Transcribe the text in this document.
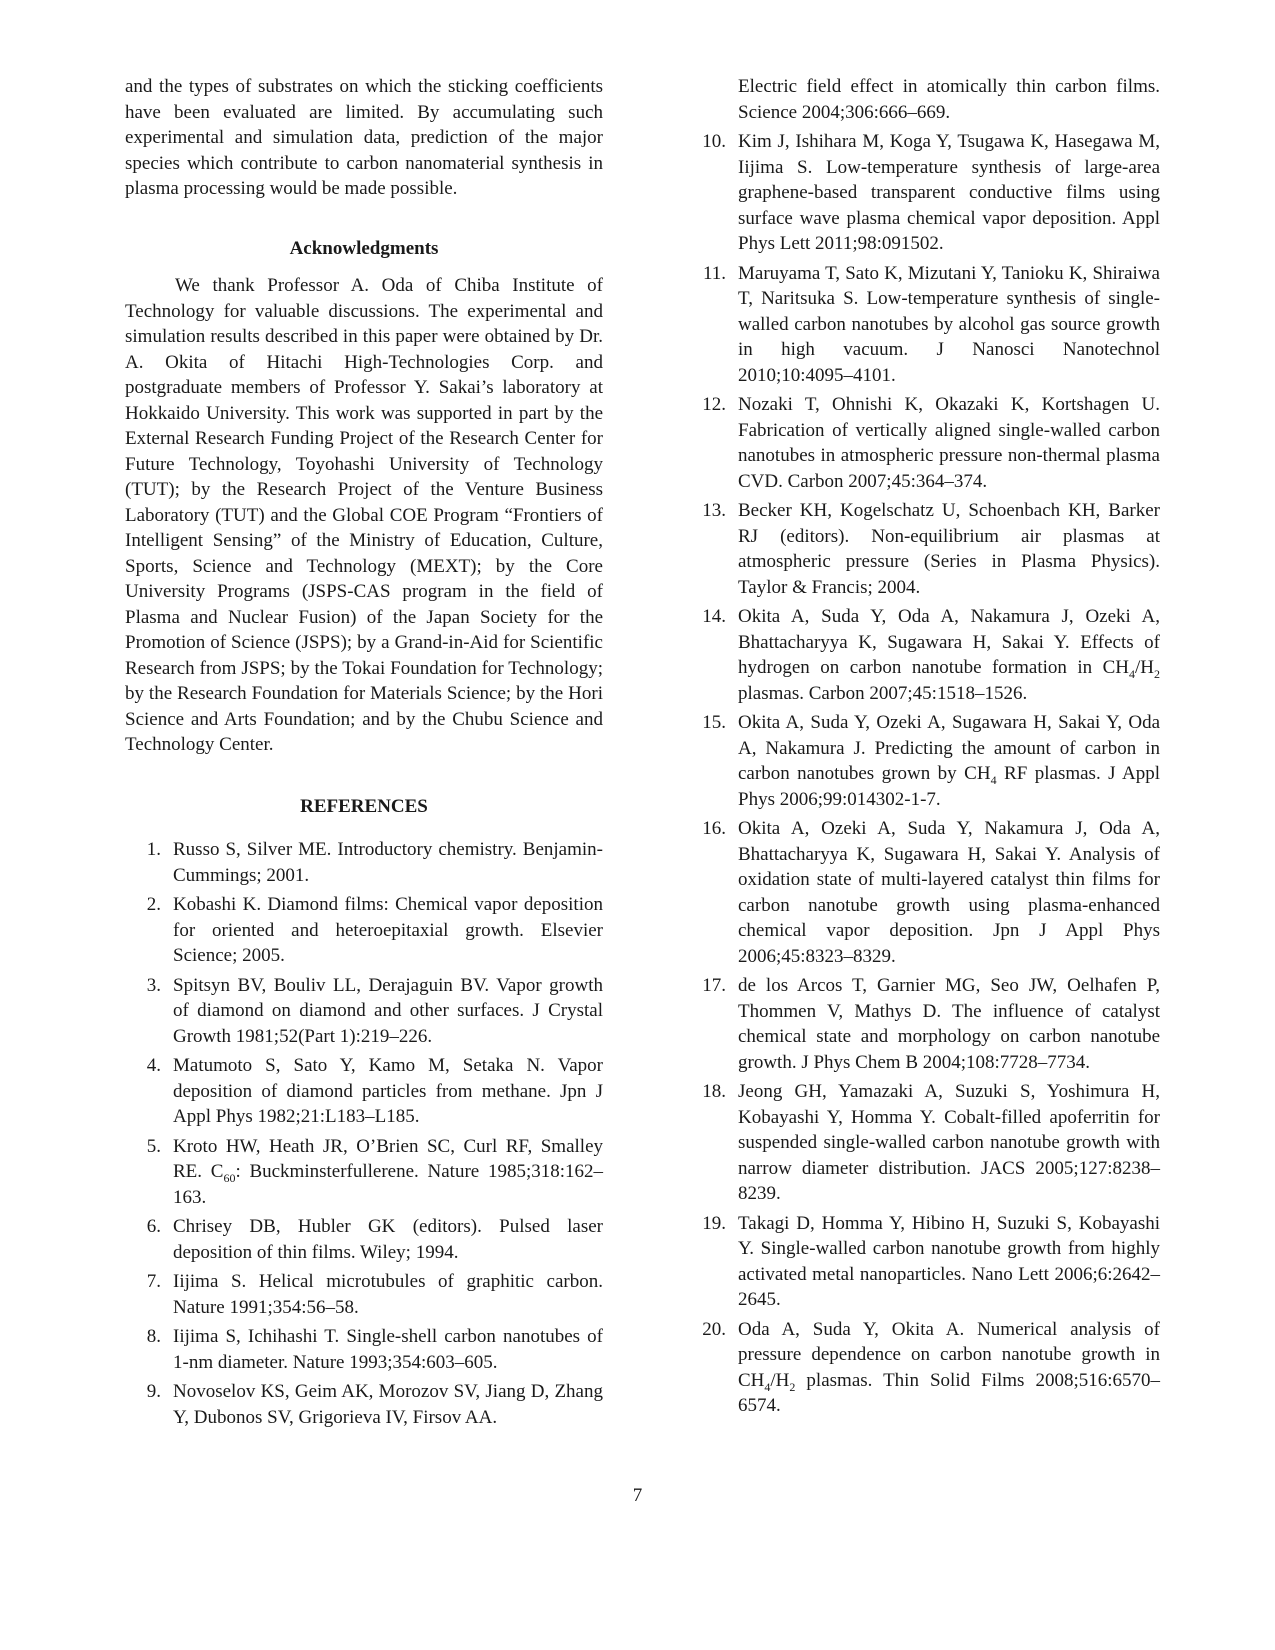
and the types of substrates on which the sticking coefficients have been evaluated are limited. By accumulating such experimental and simulation data, prediction of the major species which contribute to carbon nanomaterial synthesis in plasma processing would be made possible.

Acknowledgments

We thank Professor A. Oda of Chiba Institute of Technology for valuable discussions. The experimental and simulation results described in this paper were obtained by Dr. A. Okita of Hitachi High-Technologies Corp. and postgraduate members of Professor Y. Sakai’s laboratory at Hokkaido University. This work was supported in part by the External Research Funding Project of the Research Center for Future Technology, Toyohashi University of Technology (TUT); by the Research Project of the Venture Business Laboratory (TUT) and the Global COE Program “Frontiers of Intelligent Sensing” of the Ministry of Education, Culture, Sports, Science and Technology (MEXT); by the Core University Programs (JSPS-CAS program in the field of Plasma and Nuclear Fusion) of the Japan Society for the Promotion of Science (JSPS); by a Grand-in-Aid for Scientific Research from JSPS; by the Tokai Foundation for Technology; by the Research Foundation for Materials Science; by the Hori Science and Arts Foundation; and by the Chubu Science and Technology Center.

REFERENCES
1. Russo S, Silver ME. Introductory chemistry. Benjamin-Cummings; 2001.
2. Kobashi K. Diamond films: Chemical vapor deposition for oriented and heteroepitaxial growth. Elsevier Science; 2005.
3. Spitsyn BV, Bouliv LL, Derajaguin BV. Vapor growth of diamond on diamond and other surfaces. J Crystal Growth 1981;52(Part 1):219–226.
4. Matumoto S, Sato Y, Kamo M, Setaka N. Vapor deposition of diamond particles from methane. Jpn J Appl Phys 1982;21:L183–L185.
5. Kroto HW, Heath JR, O’Brien SC, Curl RF, Smalley RE. $C_{60}$: Buckminsterfullerene. Nature 1985;318:162–163.
6. Chrisey DB, Hubler GK (editors). Pulsed laser deposition of thin films. Wiley; 1994.
7. Iijima S. Helical microtubules of graphitic carbon. Nature 1991;354:56–58.
8. Iijima S, Ichihashi T. Single-shell carbon nanotubes of 1-nm diameter. Nature 1993;354:603–605.
9. Novoselov KS, Geim AK, Morozov SV, Jiang D, Zhang Y, Dubonos SV, Grigorieva IV, Firsov AA.
Electric field effect in atomically thin carbon films. Science 2004;306:666–669.
10. Kim J, Ishihara M, Koga Y, Tsugawa K, Hasegawa M, Iijima S. Low-temperature synthesis of large-area graphene-based transparent conductive films using surface wave plasma chemical vapor deposition. Appl Phys Lett 2011;98:091502.
11. Maruyama T, Sato K, Mizutani Y, Tanioku K, Shiraiwa T, Naritsuka S. Low-temperature synthesis of single-walled carbon nanotubes by alcohol gas source growth in high vacuum. J Nanosci Nanotechnol 2010;10:4095–4101.
12. Nozaki T, Ohnishi K, Okazaki K, Kortshagen U. Fabrication of vertically aligned single-walled carbon nanotubes in atmospheric pressure non-thermal plasma CVD. Carbon 2007;45:364–374.
13. Becker KH, Kogelschatz U, Schoenbach KH, Barker RJ (editors). Non-equilibrium air plasmas at atmospheric pressure (Series in Plasma Physics). Taylor & Francis; 2004.
14. Okita A, Suda Y, Oda A, Nakamura J, Ozeki A, Bhattacharyya K, Sugawara H, Sakai Y. Effects of hydrogen on carbon nanotube formation in $CH_4/H_2$ plasmas. Carbon 2007;45:1518–1526.
15. Okita A, Suda Y, Ozeki A, Sugawara H, Sakai Y, Oda A, Nakamura J. Predicting the amount of carbon in carbon nanotubes grown by $CH_4$ RF plasmas. J Appl Phys 2006;99:014302-1-7.
16. Okita A, Ozeki A, Suda Y, Nakamura J, Oda A, Bhattacharyya K, Sugawara H, Sakai Y. Analysis of oxidation state of multi-layered catalyst thin films for carbon nanotube growth using plasma-enhanced chemical vapor deposition. Jpn J Appl Phys 2006;45:8323–8329.
17. de los Arcos T, Garnier MG, Seo JW, Oelhafen P, Thommen V, Mathys D. The influence of catalyst chemical state and morphology on carbon nanotube growth. J Phys Chem B 2004;108:7728–7734.
18. Jeong GH, Yamazaki A, Suzuki S, Yoshimura H, Kobayashi Y, Homma Y. Cobalt-filled apoferritin for suspended single-walled carbon nanotube growth with narrow diameter distribution. JACS 2005;127:8238–8239.
19. Takagi D, Homma Y, Hibino H, Suzuki S, Kobayashi Y. Single-walled carbon nanotube growth from highly activated metal nanoparticles. Nano Lett 2006;6:2642–2645.
20. Oda A, Suda Y, Okita A. Numerical analysis of pressure dependence on carbon nanotube growth in $CH_4/H_2$ plasmas. Thin Solid Films 2008;516:6570–6574.
7
